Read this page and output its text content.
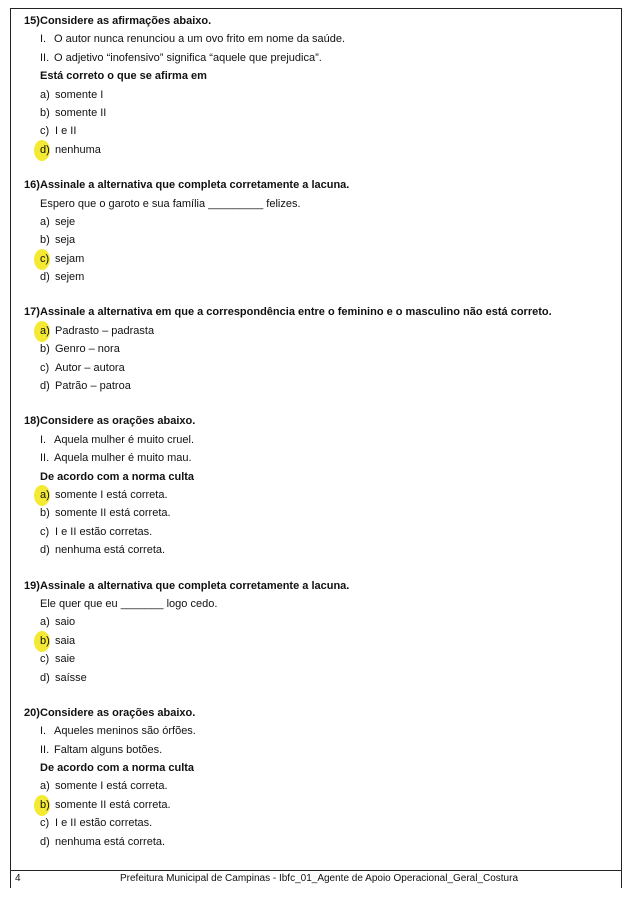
15) Considere as afirmações abaixo.
I. O autor nunca renunciou a um ovo frito em nome da saúde.
II. O adjetivo “inofensivo” significa “aquele que prejudica”.
Está correto o que se afirma em
a) somente I
b) somente II
c) I e II
d) nenhuma
16) Assinale a alternativa que completa corretamente a lacuna.
Espero que o garoto e sua família _________ felizes.
a) seje
b) seja
c) sejam
d) sejem
17) Assinale a alternativa em que a correspondência entre o feminino e o masculino não está correto.
a) Padrasto – padrasta
b) Genro – nora
c) Autor – autora
d) Patrão – patroa
18) Considere as orações abaixo.
I. Aquela mulher é muito cruel.
II. Aquela mulher é muito mau.
De acordo com a norma culta
a) somente I está correta.
b) somente II está correta.
c) I e II estão corretas.
d) nenhuma está correta.
19) Assinale a alternativa que completa corretamente a lacuna.
Ele quer que eu _______ logo cedo.
a) saio
b) saia
c) saie
d) saísse
20) Considere as orações abaixo.
I. Aqueles meninos são órfões.
II. Faltam alguns botões.
De acordo com a norma culta
a) somente I está correta.
b) somente II está correta.
c) I e II estão corretas.
d) nenhuma está correta.
4	Prefeitura Municipal de Campinas - Ibfc_01_Agente de Apoio Operacional_Geral_Costura
